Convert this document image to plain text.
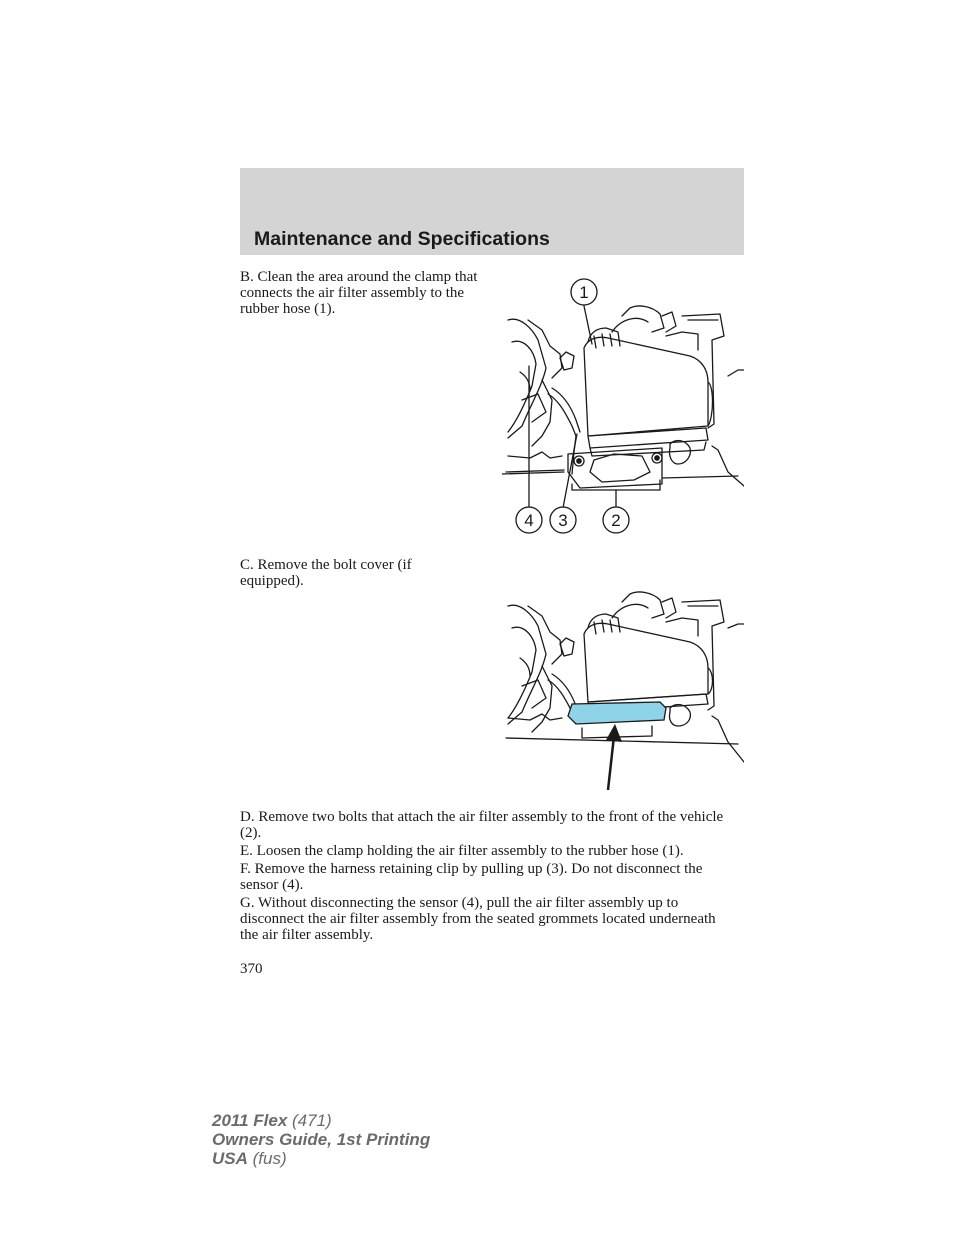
Maintenance and Specifications

B. Clean the area around the clamp that connects the air filter assembly to the rubber hose (1).

1
4 3	2

C. Remove the bolt cover (if equipped).

D. Remove two bolts that attach the air filter assembly to the front of the vehicle (2).

E. Loosen the clamp holding the air filter assembly to the rubber hose (1).

F. Remove the harness retaining clip by pulling up (3). Do not disconnect the sensor (4).

G. Without disconnecting the sensor (4), pull the air filter assembly up to disconnect the air filter assembly from the seated grommets located underneath the air filter assembly.

370

2011 Flex (471)
Owners Guide, 1st Printing
USA (fus)
